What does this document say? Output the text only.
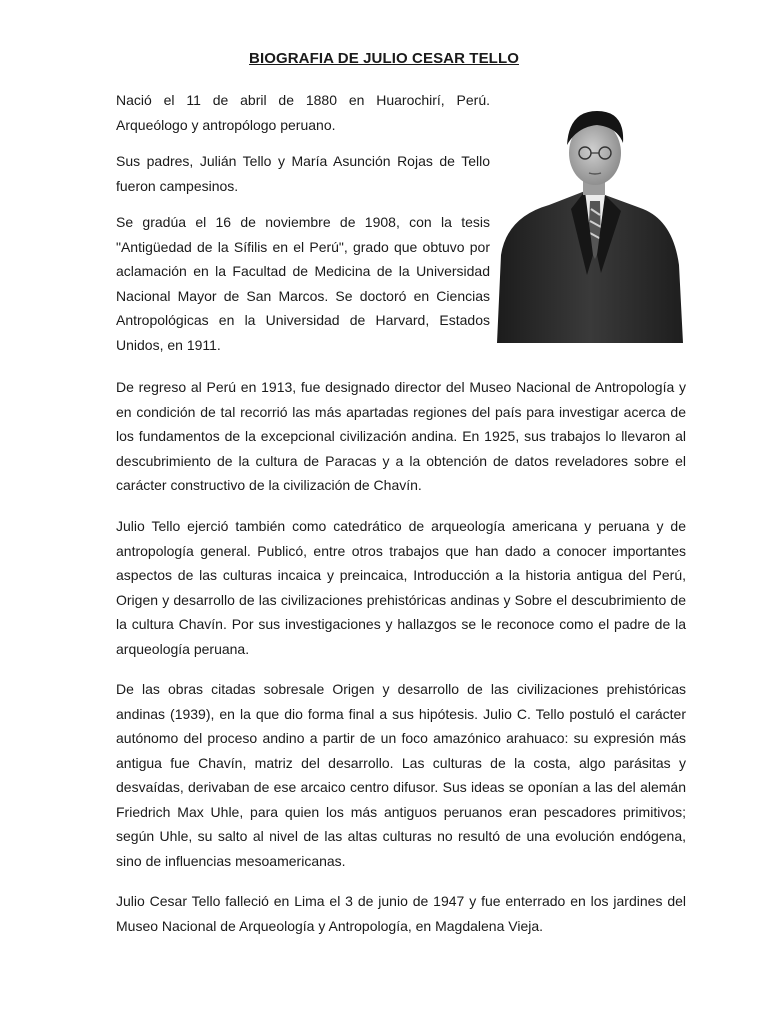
BIOGRAFIA DE JULIO CESAR TELLO

Nació el 11 de abril de 1880 en Huarochirí, Perú. Arqueólogo y antropólogo peruano.

Sus padres, Julián Tello y María Asunción Rojas de Tello fueron campesinos.

Se gradúa el 16 de noviembre de 1908, con la tesis "Antigüedad de la Sífilis en el Perú", grado que obtuvo por aclamación en la Facultad de Medicina de la Universidad Nacional Mayor de San Marcos. Se doctoró en Ciencias Antropológicas en la Universidad de Harvard, Estados Unidos, en 1911.

De regreso al Perú en 1913, fue designado director del Museo Nacional de Antropología y en condición de tal recorrió las más apartadas regiones del país para investigar acerca de los fundamentos de la excepcional civilización andina. En 1925, sus trabajos lo llevaron al descubrimiento de la cultura de Paracas y a la obtención de datos reveladores sobre el carácter constructivo de la civilización de Chavín.

Julio Tello ejerció también como catedrático de arqueología americana y peruana y de antropología general. Publicó, entre otros trabajos que han dado a conocer importantes aspectos de las culturas incaica y preincaica, Introducción a la historia antigua del Perú, Origen y desarrollo de las civilizaciones prehistóricas andinas y Sobre el descubrimiento de la cultura Chavín. Por sus investigaciones y hallazgos se le reconoce como el padre de la arqueología peruana.

De las obras citadas sobresale Origen y desarrollo de las civilizaciones prehistóricas andinas (1939), en la que dio forma final a sus hipótesis. Julio C. Tello postuló el carácter autónomo del proceso andino a partir de un foco amazónico arahuaco: su expresión más antigua fue Chavín, matriz del desarrollo. Las culturas de la costa, algo parásitas y desvaídas, derivaban de ese arcaico centro difusor. Sus ideas se oponían a las del alemán Friedrich Max Uhle, para quien los más antiguos peruanos eran pescadores primitivos; según Uhle, su salto al nivel de las altas culturas no resultó de una evolución endógena, sino de influencias mesoamericanas.

Julio Cesar Tello falleció en Lima el 3 de junio de 1947 y fue enterrado en los jardines del Museo Nacional de Arqueología y Antropología, en Magdalena Vieja.
